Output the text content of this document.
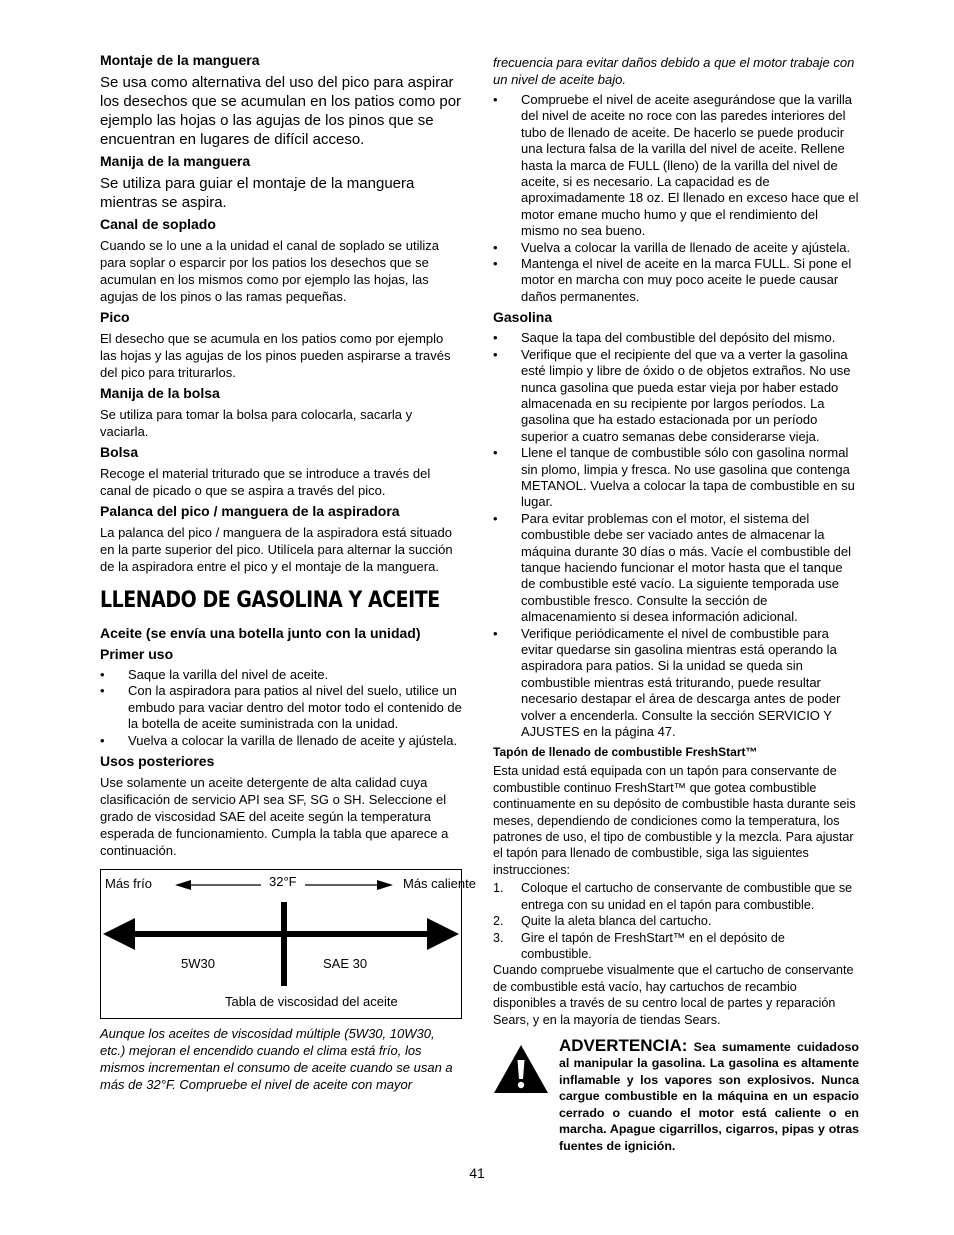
Montaje de la manguera

Se usa como alternativa del uso del pico para aspirar los desechos que se acumulan en los patios como por ejemplo las hojas o las agujas de los pinos que se encuentran en lugares de difícil acceso.

Manija de la manguera

Se utiliza para guiar el montaje de la manguera mientras se aspira.

Canal de soplado

Cuando se lo une a la unidad el canal de soplado se utiliza para soplar o esparcir por los patios los desechos que se acumulan en los mismos como por ejemplo las hojas, las agujas de los pinos o las ramas pequeñas.

Pico

El desecho que se acumula en los patios como por ejemplo las hojas y las agujas de los pinos pueden aspirarse a través del pico para triturarlos.

Manija de la bolsa

Se utiliza para tomar la bolsa para colocarla, sacarla y vaciarla.

Bolsa

Recoge el material triturado que se introduce a través del canal de picado o que se aspira a través del pico.

Palanca del pico / manguera de la aspiradora

La palanca del pico / manguera de la aspiradora está situado en la parte superior del pico. Utilícela para alternar la succión de la aspiradora entre el pico y el montaje de la manguera.

LLENADO DE GASOLINA Y ACEITE
Aceite (se envía una botella junto con la unidad)
Primer uso
• Saque la varilla del nivel de aceite.
• Con la aspiradora para patios al nivel del suelo, utilice un embudo para vaciar dentro del motor todo el contenido de la botella de aceite suministrada con la unidad.
• Vuelva a colocar la varilla de llenado de aceite y ajústela.
Usos posteriores

Use solamente un aceite detergente de alta calidad cuya clasificación de servicio API sea SF, SG o SH. Seleccione el grado de viscosidad SAE del aceite según la temperatura esperada de funcionamiento. Cumpla la tabla que aparece a continuación.

Más frío	32°F	Más caliente
5W30	SAE 30
Tabla de viscosidad del aceite

Aunque los aceites de viscosidad múltiple (5W30, 10W30, etc.) mejoran el encendido cuando el clima está frío, los mismos incrementan el consumo de aceite cuando se usan a más de 32°F. Compruebe el nivel de aceite con mayor

frecuencia para evitar daños debido a que el motor trabaje con un nivel de aceite bajo.

• Compruebe el nivel de aceite asegurándose que la varilla del nivel de aceite no roce con las paredes interiores del tubo de llenado de aceite. De hacerlo se puede producir una lectura falsa de la varilla del nivel de aceite. Rellene hasta la marca de FULL (lleno) de la varilla del nivel de aceite, si es necesario. La capacidad es de aproximadamente 18 oz. El llenado en exceso hace que el motor emane mucho humo y que el rendimiento del mismo no sea bueno.
• Vuelva a colocar la varilla de llenado de aceite y ajústela.
• Mantenga el nivel de aceite en la marca FULL. Si pone el motor en marcha con muy poco aceite le puede causar daños permanentes.
Gasolina
• Saque la tapa del combustible del depósito del mismo.
• Verifique que el recipiente del que va a verter la gasolina esté limpio y libre de óxido o de objetos extraños. No use nunca gasolina que pueda estar vieja por haber estado almacenada en su recipiente por largos períodos. La gasolina que ha estado estacionada por un período superior a cuatro semanas debe considerarse vieja.
• Llene el tanque de combustible sólo con gasolina normal sin plomo, limpia y fresca. No use gasolina que contenga METANOL. Vuelva a colocar la tapa de combustible en su lugar.
• Para evitar problemas con el motor, el sistema del combustible debe ser vaciado antes de almacenar la máquina durante 30 días o más. Vacíe el combustible del tanque haciendo funcionar el motor hasta que el tanque de combustible esté vacío. La siguiente temporada use combustible fresco. Consulte la sección de almacenamiento si desea información adicional.
• Verifique periódicamente el nivel de combustible para evitar quedarse sin gasolina mientras está operando la aspiradora para patios. Si la unidad se queda sin combustible mientras está triturando, puede resultar necesario destapar el área de descarga antes de poder volver a encenderla. Consulte la sección SERVICIO Y AJUSTES en la página 47.
Tapón de llenado de combustible FreshStart™

Esta unidad está equipada con un tapón para conservante de combustible continuo FreshStart™ que gotea combustible continuamente en su depósito de combustible hasta durante seis meses, dependiendo de condiciones como la temperatura, los patrones de uso, el tipo de combustible y la mezcla. Para ajustar el tapón para llenado de combustible, siga las siguientes instrucciones:

1. Coloque el cartucho de conservante de combustible que se entrega con su unidad en el tapón para combustible.
2. Quite la aleta blanca del cartucho.
3. Gire el tapón de FreshStart™ en el depósito de combustible.

Cuando compruebe visualmente que el cartucho de conservante de combustible está vacío, hay cartuchos de recambio disponibles a través de su centro local de partes y reparación Sears, y en la mayoría de tiendas Sears.

ADVERTENCIA: Sea sumamente cuidadoso al manipular la gasolina. La gasolina es altamente inflamable y los vapores son explosivos. Nunca cargue combustible en la máquina en un espacio cerrado o cuando el motor está caliente o en marcha. Apague cigarrillos, cigarros, pipas y otras fuentes de ignición.
41
